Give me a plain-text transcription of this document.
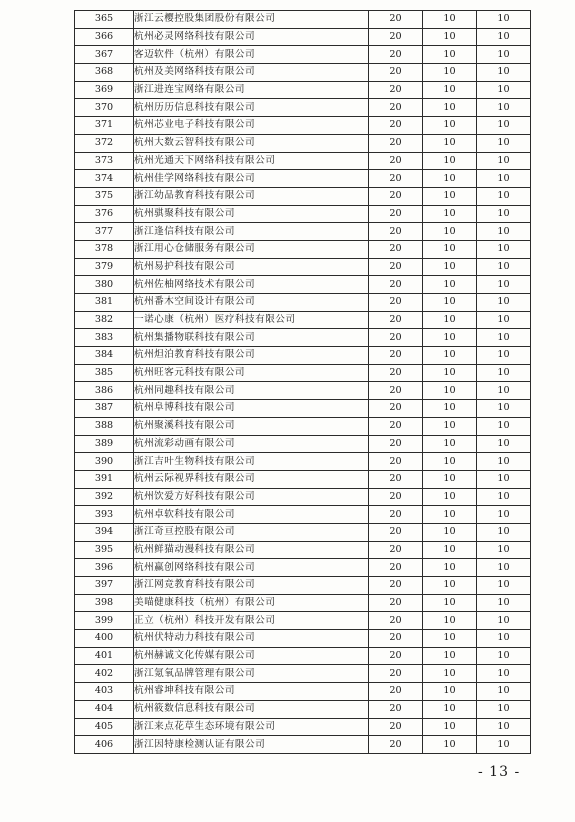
365	浙江云樱控股集团股份有限公司	20	10	10
366	杭州必灵网络科技有限公司	20	10	10
367	客迈软件（杭州）有限公司	20	10	10
368	杭州及美网络科技有限公司	20	10	10
369	浙江进连宝网络有限公司	20	10	10
370	杭州历历信息科技有限公司	20	10	10
371	杭州芯业电子科技有限公司	20	10	10
372	杭州大数云智科技有限公司	20	10	10
373	杭州光通天下网络科技有限公司	20	10	10
374	杭州佳学网络科技有限公司	20	10	10
375	浙江幼品教育科技有限公司	20	10	10
376	杭州骐聚科技有限公司	20	10	10
377	浙江逢信科技有限公司	20	10	10
378	浙江用心仓储服务有限公司	20	10	10
379	杭州易护科技有限公司	20	10	10
380	杭州佐柚网络技术有限公司	20	10	10
381	杭州番木空间设计有限公司	20	10	10
382	一诺心康（杭州）医疗科技有限公司	20	10	10
383	杭州集播物联科技有限公司	20	10	10
384	杭州炟泊教育科技有限公司	20	10	10
385	杭州旺客元科技有限公司	20	10	10
386	杭州同趣科技有限公司	20	10	10
387	杭州阜博科技有限公司	20	10	10
388	杭州聚溪科技有限公司	20	10	10
389	杭州流彩动画有限公司	20	10	10
390	浙江吉叶生物科技有限公司	20	10	10
391	杭州云际视界科技有限公司	20	10	10
392	杭州饮爱方好科技有限公司	20	10	10
393	杭州卓软科技有限公司	20	10	10
394	浙江奇亘控股有限公司	20	10	10
395	杭州鲜猫动漫科技有限公司	20	10	10
396	杭州赢创网络科技有限公司	20	10	10
397	浙江网竞教育科技有限公司	20	10	10
398	美喵健康科技（杭州）有限公司	20	10	10
399	正立（杭州）科技开发有限公司	20	10	10
400	杭州伏特动力科技有限公司	20	10	10
401	杭州赫诚文化传媒有限公司	20	10	10
402	浙江氪氧品牌管理有限公司	20	10	10
403	杭州睿坤科技有限公司	20	10	10
404	杭州筱数信息科技有限公司	20	10	10
405	浙江来点花草生态环境有限公司	20	10	10
406	浙江因特康检测认证有限公司	20	10	10
- 13 -
